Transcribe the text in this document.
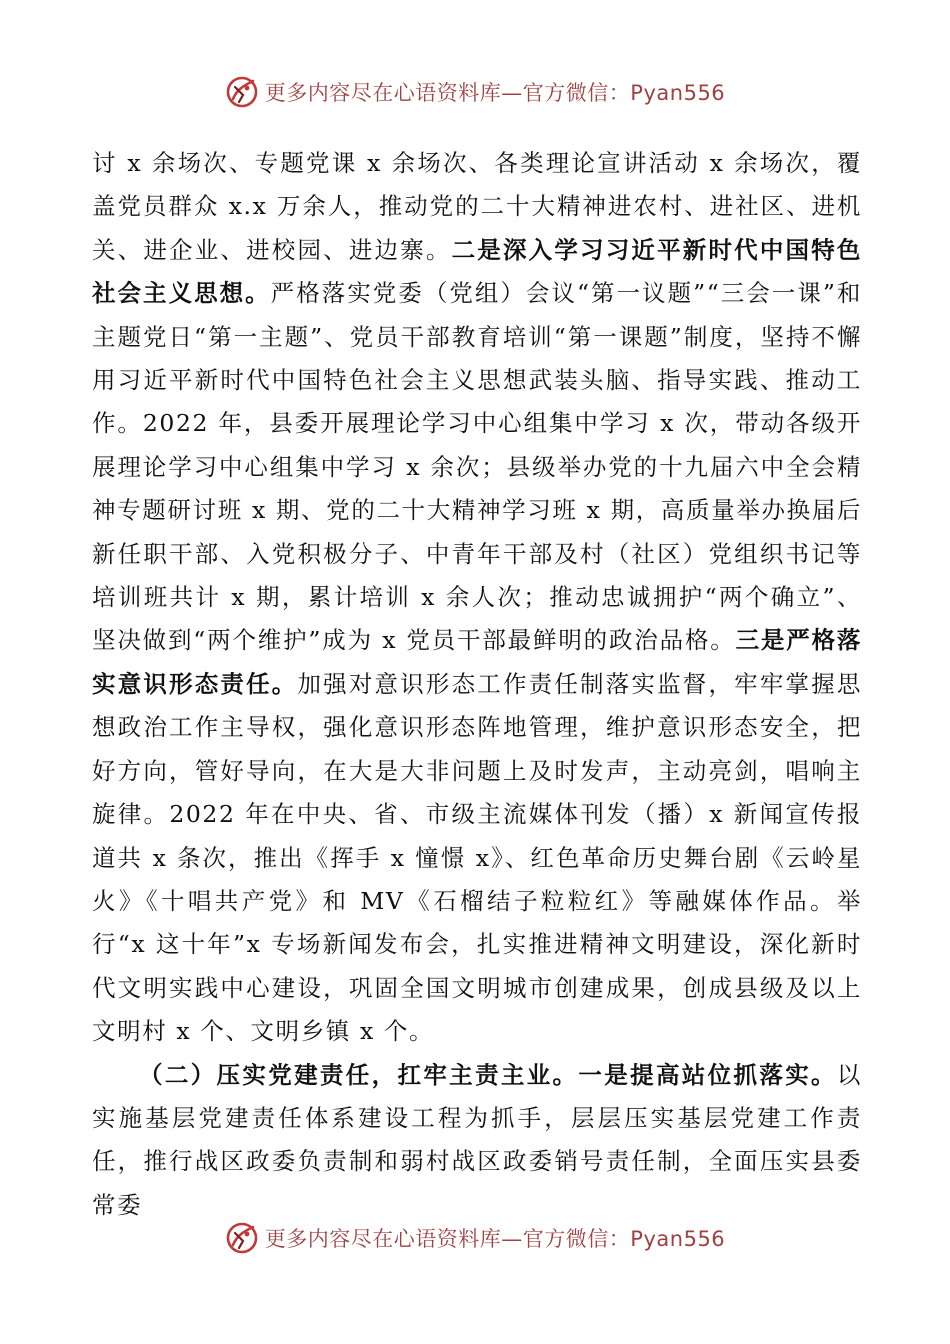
更多内容尽在心语资料库—官方微信：Pyan556

讨 x 余场次、专题党课 x 余场次、各类理论宣讲活动 x 余场次，覆盖党员群众 x.x 万余人，推动党的二十大精神进农村、进社区、进机关、进企业、进校园、进边寨。二是深入学习习近平新时代中国特色社会主义思想。严格落实党委（党组）会议“第一议题”“三会一课”和主题党日“第一主题”、党员干部教育培训“第一课题”制度，坚持不懈用习近平新时代中国特色社会主义思想武装头脑、指导实践、推动工作。2022 年，县委开展理论学习中心组集中学习 x 次，带动各级开展理论学习中心组集中学习 x 余次；县级举办党的十九届六中全会精神专题研讨班 x 期、党的二十大精神学习班 x 期，高质量举办换届后新任职干部、入党积极分子、中青年干部及村（社区）党组织书记等培训班共计 x 期，累计培训 x 余人次；推动忠诚拥护“两个确立”、坚决做到“两个维护”成为 x 党员干部最鲜明的政治品格。三是严格落实意识形态责任。加强对意识形态工作责任制落实监督，牢牢掌握思想政治工作主导权，强化意识形态阵地管理，维护意识形态安全，把好方向，管好导向，在大是大非问题上及时发声，主动亮剑，唱响主旋律。2022 年在中央、省、市级主流媒体刊发（播）x 新闻宣传报道共 x 条次，推出《挥手 x 憧憬 x》、红色革命历史舞台剧《云岭星火》《十唱共产党》和 MV《石榴结子粒粒红》等融媒体作品。举行“x 这十年”x 专场新闻发布会，扎实推进精神文明建设，深化新时代文明实践中心建设，巩固全国文明城市创建成果，创成县级及以上文明村 x 个、文明乡镇 x 个。

（二）压实党建责任，扛牢主责主业。一是提高站位抓落实。以实施基层党建责任体系建设工程为抓手，层层压实基层党建工作责任，推行战区政委负责制和弱村战区政委销号责任制，全面压实县委常委

更多内容尽在心语资料库—官方微信：Pyan556
